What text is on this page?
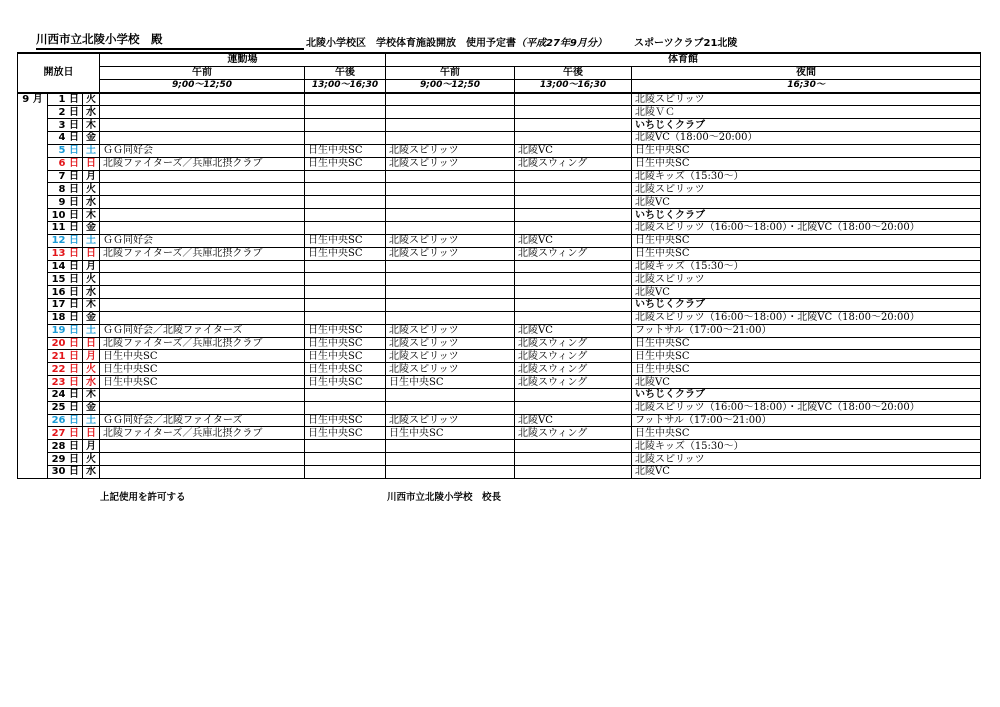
川西市立北陵小学校　殿	北陵小学校区　学校体育施設開放　使用予定書（平成27年9月分）	スポーツクラブ21北陵
開放日			運動場		体育館		
			午前	午後	午前	午後	夜間
			9;00～12;50	13;00～16;30	9;00～12;50	13;00～16;30	16;30～
9 月	1 日	火					北陵スピリッツ
	2 日	水					北陵ＶＣ
	3 日	木					いちじくクラブ
	4 日	金					北陵VC（18:00～20:00）
	5 日	土	ＧＧ同好会	日生中央SC	北陵スピリッツ	北陵VC	日生中央SC
	6 日	日	北陵ファイターズ／兵庫北摂クラブ	日生中央SC	北陵スピリッツ	北陵スウィング	日生中央SC
	7 日	月					北陵キッズ（15:30～）
	8 日	火					北陵スピリッツ
	9 日	水					北陵VC
	10 日	木					いちじくクラブ
	11 日	金					北陵スピリッツ（16:00～18:00）・北陵VC（18:00～20:00）
	12 日	土	ＧＧ同好会	日生中央SC	北陵スピリッツ	北陵VC	日生中央SC
	13 日	日	北陵ファイターズ／兵庫北摂クラブ	日生中央SC	北陵スピリッツ	北陵スウィング	日生中央SC
	14 日	月					北陵キッズ（15:30～）
	15 日	火					北陵スピリッツ
	16 日	水					北陵VC
	17 日	木					いちじくクラブ
	18 日	金					北陵スピリッツ（16:00～18:00）・北陵VC（18:00～20:00）
	19 日	土	ＧＧ同好会／北陵ファイターズ	日生中央SC	北陵スピリッツ	北陵VC	フットサル（17:00～21:00）
	20 日	日	北陵ファイターズ／兵庫北摂クラブ	日生中央SC	北陵スピリッツ	北陵スウィング	日生中央SC
	21 日	月	日生中央SC	日生中央SC	北陵スピリッツ	北陵スウィング	日生中央SC
	22 日	火	日生中央SC	日生中央SC	北陵スピリッツ	北陵スウィング	日生中央SC
	23 日	水	日生中央SC	日生中央SC	日生中央SC	北陵スウィング	北陵VC
	24 日	木					いちじくクラブ
	25 日	金					北陵スピリッツ（16:00～18:00）・北陵VC（18:00～20:00）
	26 日	土	ＧＧ同好会／北陵ファイターズ	日生中央SC	北陵スピリッツ	北陵VC	フットサル（17:00～21:00）
	27 日	日	北陵ファイターズ／兵庫北摂クラブ	日生中央SC	日生中央SC	北陵スウィング	日生中央SC
	28 日	月					北陵キッズ（15:30～）
	29 日	火					北陵スピリッツ
	30 日	水					北陵VC
上記使用を許可する	川西市立北陵小学校　校長
